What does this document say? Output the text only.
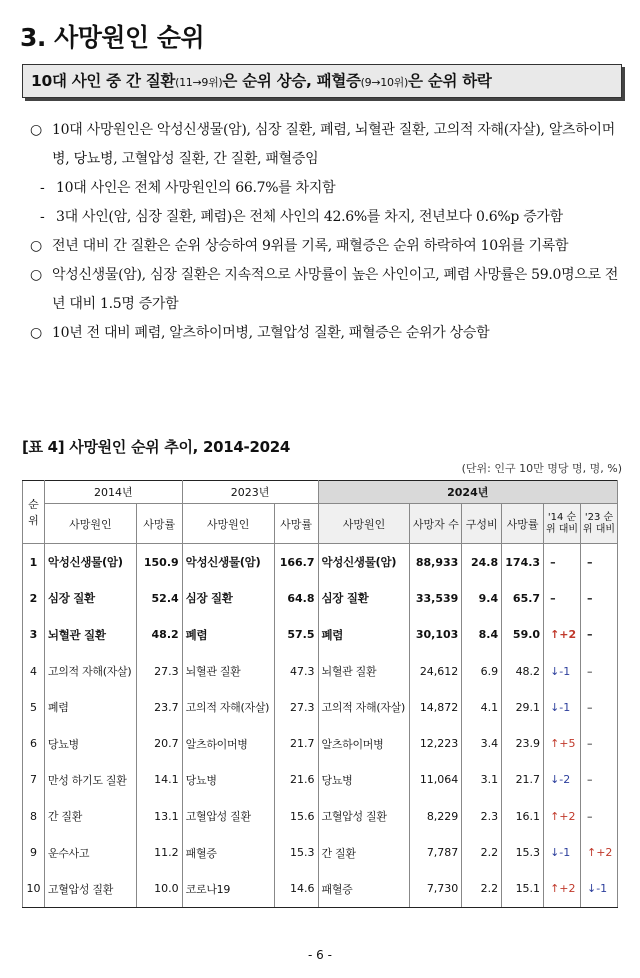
3. 사망원인 순위
10대 사인 중 간 질환(11→9위)은 순위 상승, 패혈증(9→10위)은 순위 하락
○ 10대 사망원인은 악성신생물(암), 심장 질환, 폐렴, 뇌혈관 질환, 고의적 자해(자살), 알츠하이머병, 당뇨병, 고혈압성 질환, 간 질환, 패혈증임
- 10대 사인은 전체 사망원인의 66.7%를 차지함
- 3대 사인(암, 심장 질환, 폐렴)은 전체 사인의 42.6%를 차지, 전년보다 0.6%p 증가함
○ 전년 대비 간 질환은 순위 상승하여 9위를 기록, 패혈증은 순위 하락하여 10위를 기록함
○ 악성신생물(암), 심장 질환은 지속적으로 사망률이 높은 사인이고, 폐렴 사망률은 59.0명으로 전년 대비 1.5명 증가함
○ 10년 전 대비 폐렴, 알츠하이머병, 고혈압성 질환, 패혈증은 순위가 상승함
[표 4] 사망원인 순위 추이, 2014-2024
(단위: 인구 10만 명당 명, 명, %)
순위	2014년		2023년		2024년					
	사망원인	사망률	사망원인	사망률	사망원인	사망자 수	구성비	사망률	'14 순위 대비	'23 순위 대비
1	악성신생물(암)	150.9	악성신생물(암)	166.7	악성신생물(암)	88,933	24.8	174.3	–	–
2	심장 질환	52.4	심장 질환	64.8	심장 질환	33,539	9.4	65.7	–	–
3	뇌혈관 질환	48.2	폐렴	57.5	폐렴	30,103	8.4	59.0	↑+2	–
4	고의적 자해(자살)	27.3	뇌혈관 질환	47.3	뇌혈관 질환	24,612	6.9	48.2	↓-1	–
5	폐렴	23.7	고의적 자해(자살)	27.3	고의적 자해(자살)	14,872	4.1	29.1	↓-1	–
6	당뇨병	20.7	알츠하이머병	21.7	알츠하이머병	12,223	3.4	23.9	↑+5	–
7	만성 하기도 질환	14.1	당뇨병	21.6	당뇨병	11,064	3.1	21.7	↓-2	–
8	간 질환	13.1	고혈압성 질환	15.6	고혈압성 질환	8,229	2.3	16.1	↑+2	–
9	운수사고	11.2	패혈증	15.3	간 질환	7,787	2.2	15.3	↓-1	↑+2
10	고혈압성 질환	10.0	코로나19	14.6	패혈증	7,730	2.2	15.1	↑+2	↓-1
- 6 -
